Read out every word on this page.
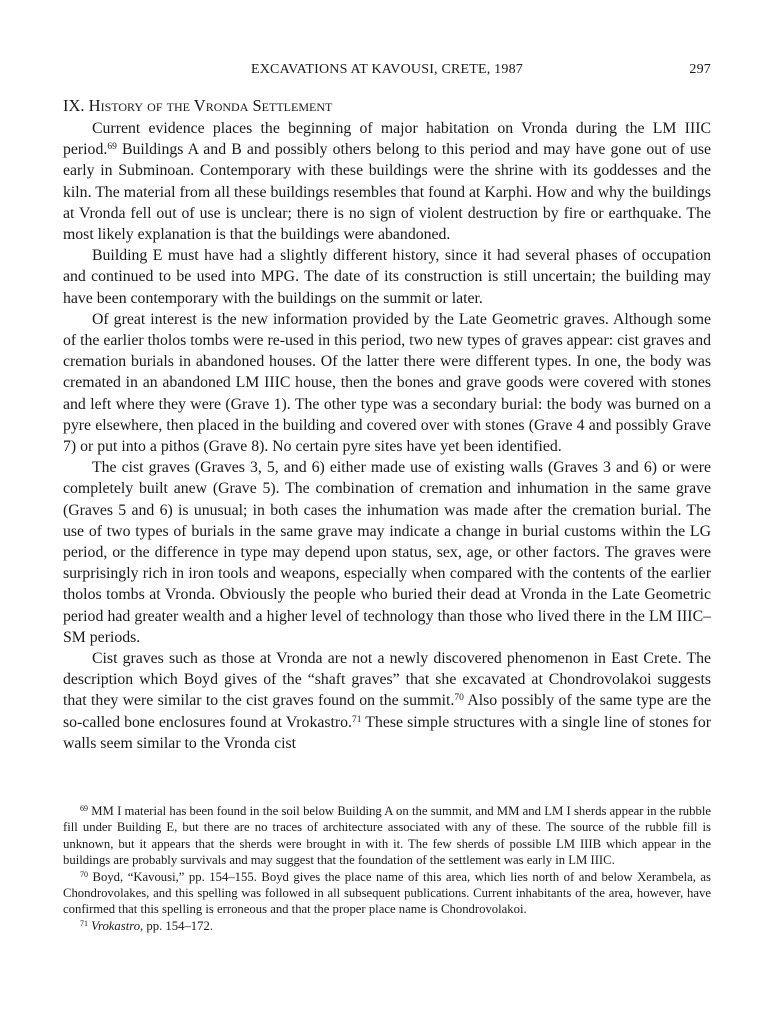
EXCAVATIONS AT KAVOUSI, CRETE, 1987	297
IX. History of the Vronda Settlement

Current evidence places the beginning of major habitation on Vronda during the LM IIIC period.$^{69}$ Buildings A and B and possibly others belong to this period and may have gone out of use early in Subminoan. Contemporary with these buildings were the shrine with its goddesses and the kiln. The material from all these buildings resembles that found at Karphi. How and why the buildings at Vronda fell out of use is unclear; there is no sign of violent destruction by fire or earthquake. The most likely explanation is that the buildings were abandoned.

Building E must have had a slightly different history, since it had several phases of occupation and continued to be used into MPG. The date of its construction is still uncertain; the building may have been contemporary with the buildings on the summit or later.

Of great interest is the new information provided by the Late Geometric graves. Although some of the earlier tholos tombs were re-used in this period, two new types of graves appear: cist graves and cremation burials in abandoned houses. Of the latter there were different types. In one, the body was cremated in an abandoned LM IIIC house, then the bones and grave goods were covered with stones and left where they were (Grave 1). The other type was a secondary burial: the body was burned on a pyre elsewhere, then placed in the building and covered over with stones (Grave 4 and possibly Grave 7) or put into a pithos (Grave 8). No certain pyre sites have yet been identified.

The cist graves (Graves 3, 5, and 6) either made use of existing walls (Graves 3 and 6) or were completely built anew (Grave 5). The combination of cremation and inhumation in the same grave (Graves 5 and 6) is unusual; in both cases the inhumation was made after the cremation burial. The use of two types of burials in the same grave may indicate a change in burial customs within the LG period, or the difference in type may depend upon status, sex, age, or other factors. The graves were surprisingly rich in iron tools and weapons, especially when compared with the contents of the earlier tholos tombs at Vronda. Obviously the people who buried their dead at Vronda in the Late Geometric period had greater wealth and a higher level of technology than those who lived there in the LM IIIC–SM periods.

Cist graves such as those at Vronda are not a newly discovered phenomenon in East Crete. The description which Boyd gives of the “shaft graves” that she excavated at Chondrovolakoi suggests that they were similar to the cist graves found on the summit.$^{70}$ Also possibly of the same type are the so-called bone enclosures found at Vrokastro.$^{71}$ These simple structures with a single line of stones for walls seem similar to the Vronda cist

$^{69}$ MM I material has been found in the soil below Building A on the summit, and MM and LM I sherds appear in the rubble fill under Building E, but there are no traces of architecture associated with any of these. The source of the rubble fill is unknown, but it appears that the sherds were brought in with it. The few sherds of possible LM IIIB which appear in the buildings are probably survivals and may suggest that the foundation of the settlement was early in LM IIIC.

$^{70}$ Boyd, “Kavousi,” pp. 154–155. Boyd gives the place name of this area, which lies north of and below Xerambela, as Chondrovolakes, and this spelling was followed in all subsequent publications. Current inhabitants of the area, however, have confirmed that this spelling is erroneous and that the proper place name is Chondrovolakoi.

$^{71}$ Vrokastro, pp. 154–172.
